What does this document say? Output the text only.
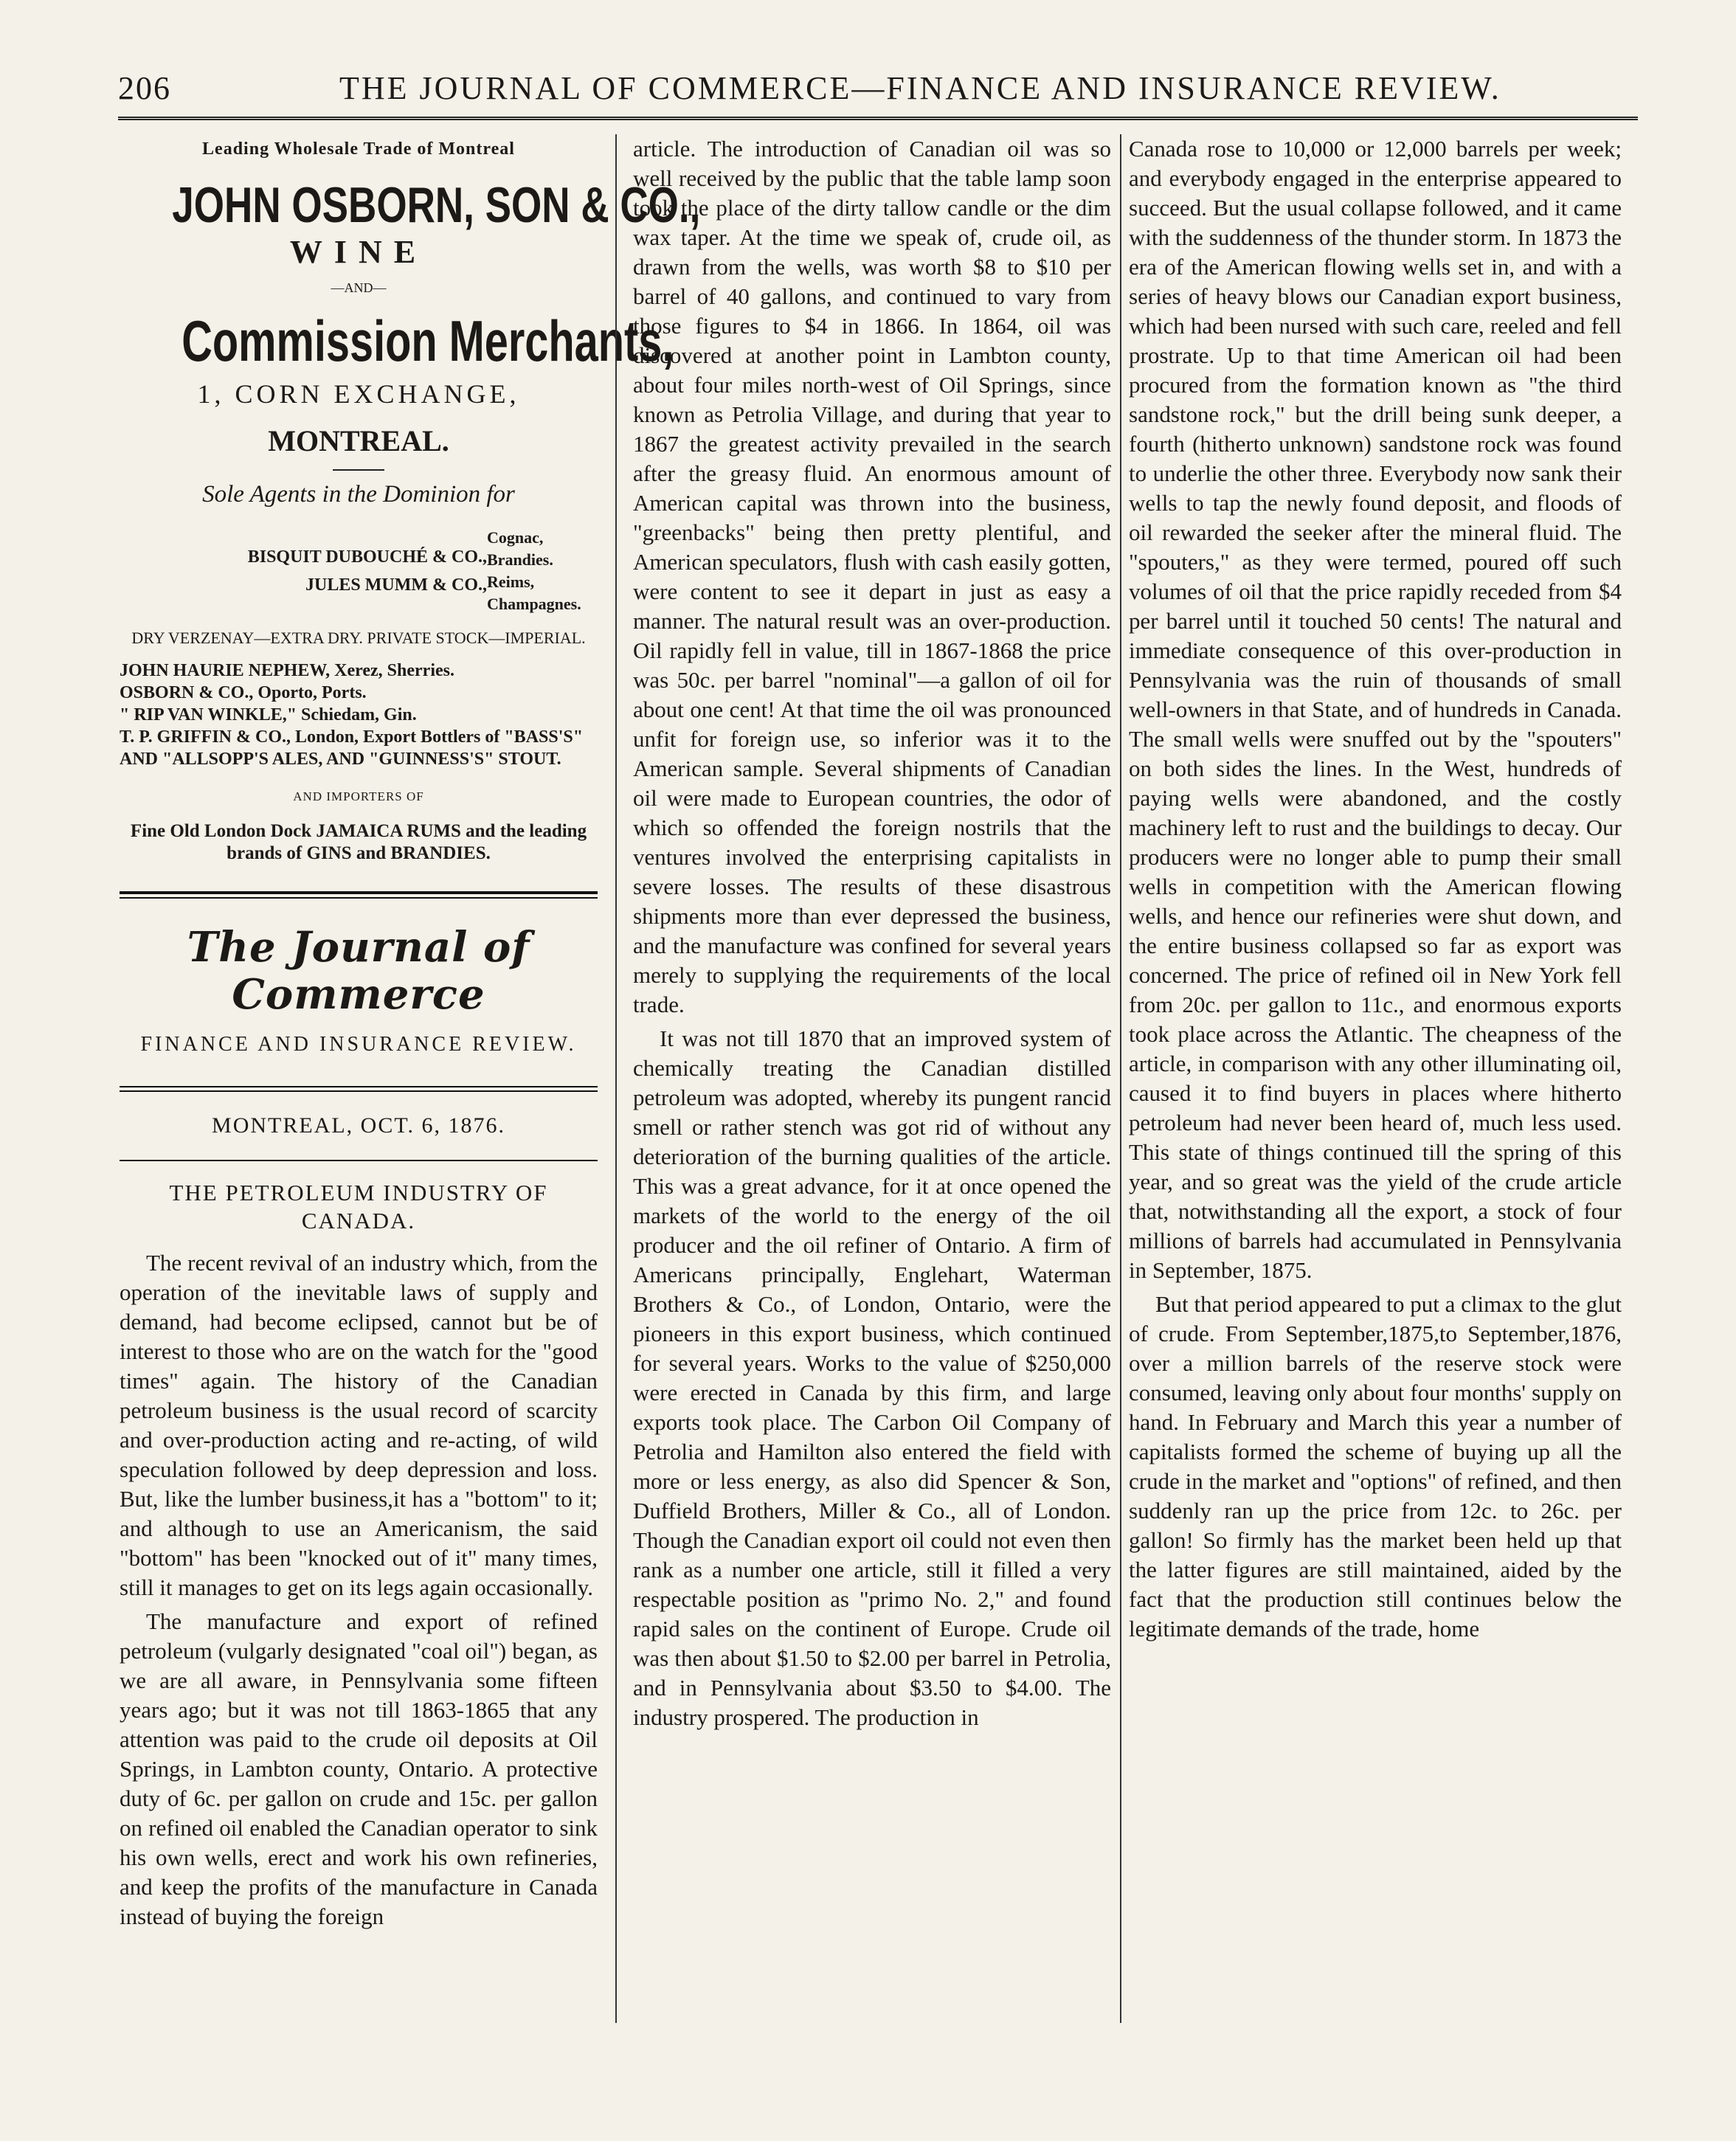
206	THE JOURNAL OF COMMERCE—FINANCE AND INSURANCE REVIEW.
Leading Wholesale Trade of Montreal
JOHN OSBORN, SON & CO.,
WINE
—AND—
Commission Merchants,
1, CORN EXCHANGE,
MONTREAL.
Sole Agents in the Dominion for
BISQUIT DUBOUCHÉ & CO.,
JULES MUMM & CO.,
Cognac, Brandies.
Reims, Champagnes.
DRY VERZENAY—EXTRA DRY. PRIVATE STOCK—IMPERIAL.
JOHN HAURIE NEPHEW, Xerez, Sherries.
OSBORN & CO., Oporto, Ports.
" RIP VAN WINKLE," Schiedam, Gin.
T. P. GRIFFIN & CO., London, Export Bottlers of "BASS'S" AND "ALLSOPP'S ALES, AND "GUINNESS'S" STOUT.
AND IMPORTERS OF
Fine Old London Dock JAMAICA RUMS and the leading brands of GINS and BRANDIES.
The Journal of Commerce
FINANCE AND INSURANCE REVIEW.
MONTREAL, OCT. 6, 1876.
THE PETROLEUM INDUSTRY OF CANADA.

The recent revival of an industry which, from the operation of the inevitable laws of supply and demand, had become eclipsed, cannot but be of interest to those who are on the watch for the "good times" again. The history of the Canadian petroleum business is the usual record of scarcity and over-production acting and re-acting, of wild speculation followed by deep depression and loss. But, like the lumber business,it has a "bottom" to it; and although to use an Americanism, the said "bottom" has been "knocked out of it" many times, still it manages to get on its legs again occasionally.

The manufacture and export of refined petroleum (vulgarly designated "coal oil") began, as we are all aware, in Pennsylvania some fifteen years ago; but it was not till 1863-1865 that any attention was paid to the crude oil deposits at Oil Springs, in Lambton county, Ontario. A protective duty of 6c. per gallon on crude and 15c. per gallon on refined oil enabled the Canadian operator to sink his own wells, erect and work his own refineries, and keep the profits of the manufacture in Canada instead of buying the foreign

article. The introduction of Canadian oil was so well received by the public that the table lamp soon took the place of the dirty tallow candle or the dim wax taper. At the time we speak of, crude oil, as drawn from the wells, was worth $8 to $10 per barrel of 40 gallons, and continued to vary from those figures to $4 in 1866. In 1864, oil was discovered at another point in Lambton county, about four miles north-west of Oil Springs, since known as Petrolia Village, and during that year to 1867 the greatest activity prevailed in the search after the greasy fluid. An enormous amount of American capital was thrown into the business, "greenbacks" being then pretty plentiful, and American speculators, flush with cash easily gotten, were content to see it depart in just as easy a manner. The natural result was an over-production. Oil rapidly fell in value, till in 1867-1868 the price was 50c. per barrel "nominal"—a gallon of oil for about one cent! At that time the oil was pronounced unfit for foreign use, so inferior was it to the American sample. Several shipments of Canadian oil were made to European countries, the odor of which so offended the foreign nostrils that the ventures involved the enterprising capitalists in severe losses. The results of these disastrous shipments more than ever depressed the business, and the manufacture was confined for several years merely to supplying the requirements of the local trade.

It was not till 1870 that an improved system of chemically treating the Canadian distilled petroleum was adopted, whereby its pungent rancid smell or rather stench was got rid of without any deterioration of the burning qualities of the article. This was a great advance, for it at once opened the markets of the world to the energy of the oil producer and the oil refiner of Ontario. A firm of Americans principally, Englehart, Waterman Brothers & Co., of London, Ontario, were the pioneers in this export business, which continued for several years. Works to the value of $250,000 were erected in Canada by this firm, and large exports took place. The Carbon Oil Company of Petrolia and Hamilton also entered the field with more or less energy, as also did Spencer & Son, Duffield Brothers, Miller & Co., all of London. Though the Canadian export oil could not even then rank as a number one article, still it filled a very respectable position as "primo No. 2," and found rapid sales on the continent of Europe. Crude oil was then about $1.50 to $2.00 per barrel in Petrolia, and in Pennsylvania about $3.50 to $4.00. The industry prospered. The production in

Canada rose to 10,000 or 12,000 barrels per week; and everybody engaged in the enterprise appeared to succeed. But the usual collapse followed, and it came with the suddenness of the thunder storm. In 1873 the era of the American flowing wells set in, and with a series of heavy blows our Canadian export business, which had been nursed with such care, reeled and fell prostrate. Up to that time American oil had been procured from the formation known as "the third sandstone rock," but the drill being sunk deeper, a fourth (hitherto unknown) sandstone rock was found to underlie the other three. Everybody now sank their wells to tap the newly found deposit, and floods of oil rewarded the seeker after the mineral fluid. The "spouters," as they were termed, poured off such volumes of oil that the price rapidly receded from $4 per barrel until it touched 50 cents! The natural and immediate consequence of this over-production in Pennsylvania was the ruin of thousands of small well-owners in that State, and of hundreds in Canada. The small wells were snuffed out by the "spouters" on both sides the lines. In the West, hundreds of paying wells were abandoned, and the costly machinery left to rust and the buildings to decay. Our producers were no longer able to pump their small wells in competition with the American flowing wells, and hence our refineries were shut down, and the entire business collapsed so far as export was concerned. The price of refined oil in New York fell from 20c. per gallon to 11c., and enormous exports took place across the Atlantic. The cheapness of the article, in comparison with any other illuminating oil, caused it to find buyers in places where hitherto petroleum had never been heard of, much less used. This state of things continued till the spring of this year, and so great was the yield of the crude article that, notwithstanding all the export, a stock of four millions of barrels had accumulated in Pennsylvania in September, 1875.

But that period appeared to put a climax to the glut of crude. From September,1875,to September,1876, over a million barrels of the reserve stock were consumed, leaving only about four months' supply on hand. In February and March this year a number of capitalists formed the scheme of buying up all the crude in the market and "options" of refined, and then suddenly ran up the price from 12c. to 26c. per gallon! So firmly has the market been held up that the latter figures are still maintained, aided by the fact that the production still continues below the legitimate demands of the trade, home
